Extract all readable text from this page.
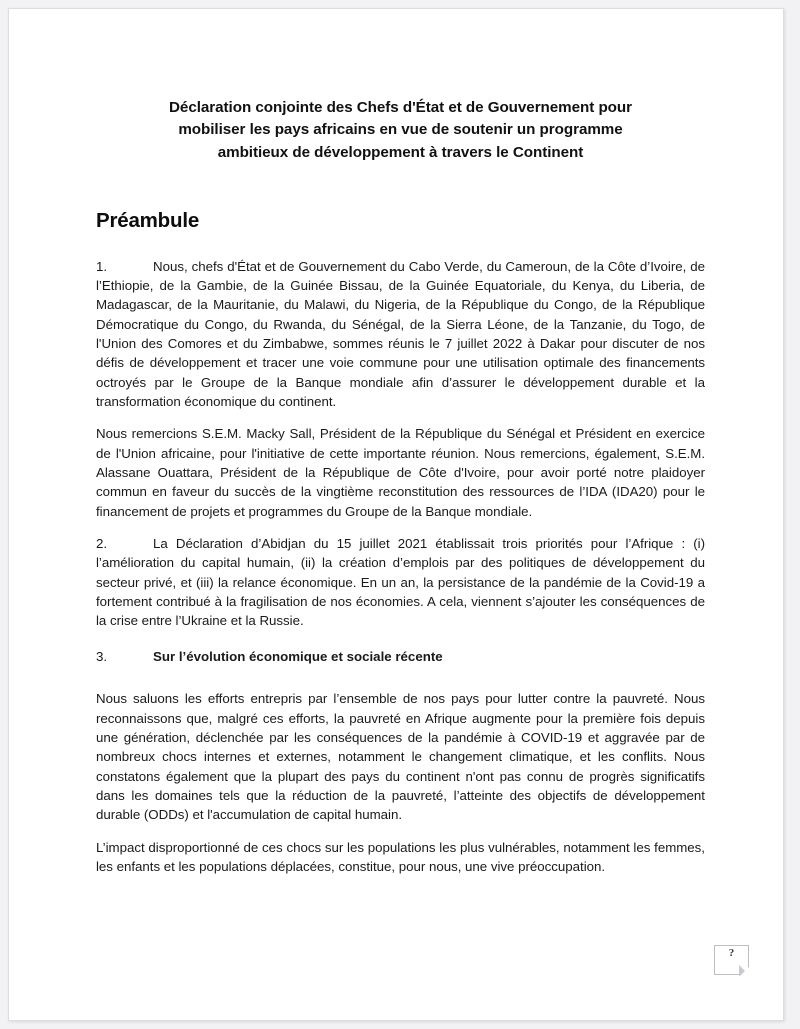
Déclaration conjointe des Chefs d'État et de Gouvernement pour
mobiliser les pays africains en vue de soutenir un programme
ambitieux de développement à travers le Continent
Préambule

1.	Nous, chefs d'État et de Gouvernement du Cabo Verde, du Cameroun, de la Côte d’Ivoire, de l’Ethiopie, de la Gambie, de la Guinée Bissau, de la Guinée Equatoriale, du Kenya, du Liberia, de Madagascar, de la Mauritanie, du Malawi, du Nigeria, de la République du Congo, de la République Démocratique du Congo, du Rwanda, du Sénégal, de la Sierra Léone, de la Tanzanie, du Togo, de l'Union des Comores et du Zimbabwe, sommes réunis le 7 juillet 2022 à Dakar pour discuter de nos défis de développement et tracer une voie commune pour une utilisation optimale des financements octroyés par le Groupe de la Banque mondiale afin d’assurer le développement durable et la transformation économique du continent.

Nous remercions S.E.M. Macky Sall, Président de la République du Sénégal et Président en exercice de l'Union africaine, pour l'initiative de cette importante réunion. Nous remercions, également, S.E.M. Alassane Ouattara, Président de la République de Côte d'Ivoire, pour avoir porté notre plaidoyer commun en faveur du succès de la vingtième reconstitution des ressources de l’IDA (IDA20) pour le financement de projets et programmes du Groupe de la Banque mondiale.

2.	La Déclaration d’Abidjan du 15 juillet 2021 établissait trois priorités pour l’Afrique : (i) l’amélioration du capital humain, (ii) la création d’emplois par des politiques de développement du secteur privé, et (iii) la relance économique. En un an, la persistance de la pandémie de la Covid-19 a fortement contribué à la fragilisation de nos économies. A cela, viennent s’ajouter les conséquences de la crise entre l’Ukraine et la Russie.

3.	Sur l’évolution économique et sociale récente

Nous saluons les efforts entrepris par l’ensemble de nos pays pour lutter contre la pauvreté. Nous reconnaissons que, malgré ces efforts, la pauvreté en Afrique augmente pour la première fois depuis une génération, déclenchée par les conséquences de la pandémie à COVID-19 et aggravée par de nombreux chocs internes et externes, notamment le changement climatique, et les conflits. Nous constatons également que la plupart des pays du continent n'ont pas connu de progrès significatifs dans les domaines tels que la réduction de la pauvreté, l’atteinte des objectifs de développement durable (ODDs) et l'accumulation de capital humain.

L’impact disproportionné de ces chocs sur les populations les plus vulnérables, notamment les femmes, les enfants et les populations déplacées, constitue, pour nous, une vive préoccupation.

?
